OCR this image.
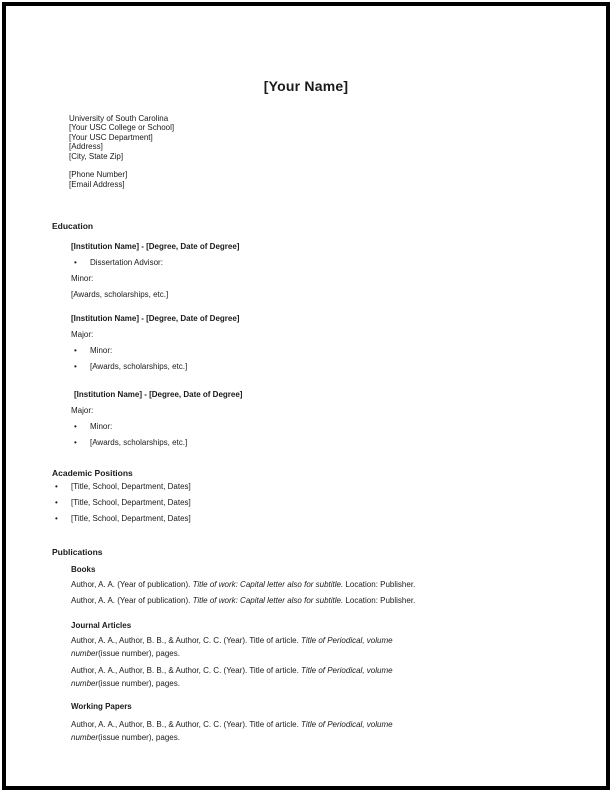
[Your Name]
University of South Carolina
[Your USC College or School]
[Your USC Department]
[Address]
[City, State Zip]
[Phone Number]
[Email Address]
Education
[Institution Name] - [Degree, Date of Degree]
• Dissertation Advisor:
Minor:
[Awards, scholarships, etc.]
[Institution Name] - [Degree, Date of Degree]
Major:
• Minor:
• [Awards, scholarships, etc.]
[Institution Name] - [Degree, Date of Degree]
Major:
• Minor:
• [Awards, scholarships, etc.]
Academic Positions
• [Title, School, Department, Dates]
• [Title, School, Department, Dates]
• [Title, School, Department, Dates]
Publications
Books
Author, A. A. (Year of publication). Title of work: Capital letter also for subtitle. Location: Publisher.
Author, A. A. (Year of publication). Title of work: Capital letter also for subtitle. Location: Publisher.
Journal Articles
Author, A. A., Author, B. B., & Author, C. C. (Year). Title of article. Title of Periodical, volume
number(issue number), pages.
Author, A. A., Author, B. B., & Author, C. C. (Year). Title of article. Title of Periodical, volume
number(issue number), pages.
Working Papers
Author, A. A., Author, B. B., & Author, C. C. (Year). Title of article. Title of Periodical, volume
number(issue number), pages.
